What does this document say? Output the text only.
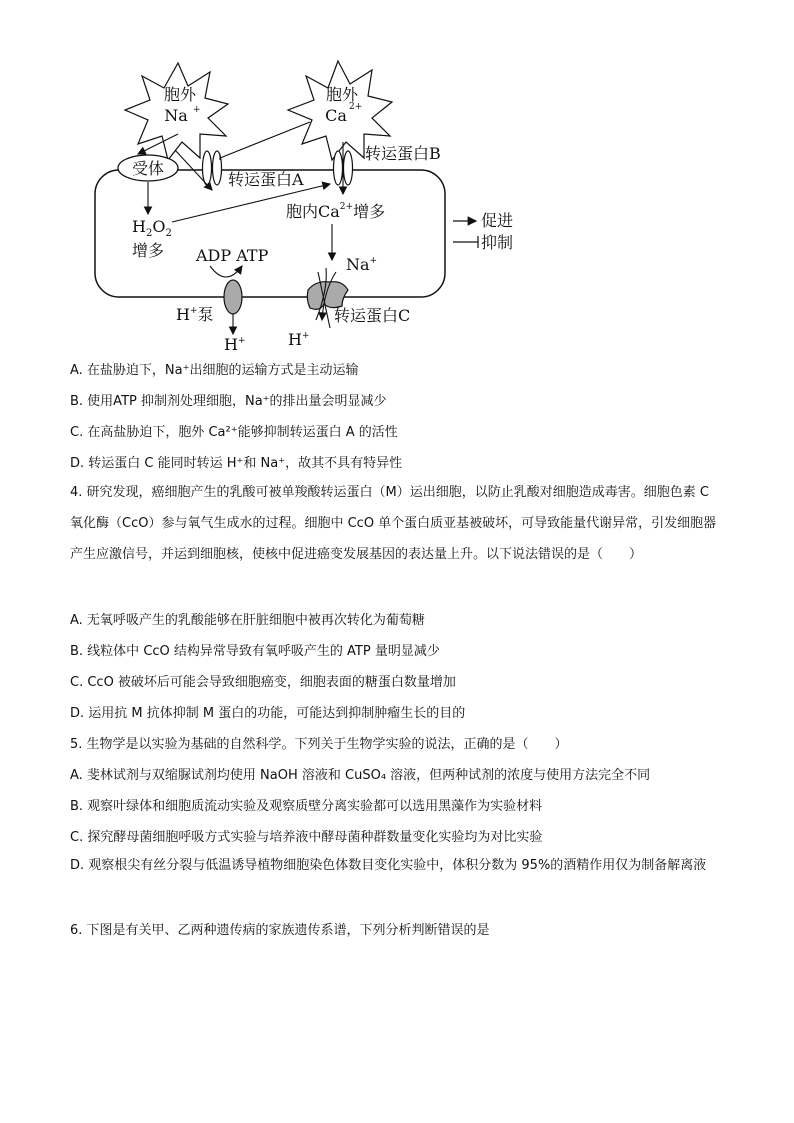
胞外
Na +
胞外
Ca 2+
受体
转运蛋白A
转运蛋白B
$H_2O_2$
增多
胞内$Ca^{2+}$增多
ADP ATP
H+泵
H+
Na+
H+
转运蛋白C
促进
抑制
A. 在盐胁迫下，Na⁺出细胞的运输方式是主动运输
B. 使用ATP 抑制剂处理细胞，Na⁺的排出量会明显减少
C. 在高盐胁迫下，胞外 Ca²⁺能够抑制转运蛋白 A 的活性
D. 转运蛋白 C 能同时转运 H⁺和 Na⁺，故其不具有特异性
4. 研究发现，癌细胞产生的乳酸可被单羧酸转运蛋白（M）运出细胞，以防止乳酸对细胞造成毒害。细胞色素 C 氧化酶（CcO）参与氧气生成水的过程。细胞中 CcO 单个蛋白质亚基被破坏，可导致能量代谢异常，引发细胞器产生应激信号，并运到细胞核，使核中促进癌变发展基因的表达量上升。以下说法错误的是（　　）
A. 无氧呼吸产生的乳酸能够在肝脏细胞中被再次转化为葡萄糖
B. 线粒体中 CcO 结构异常导致有氧呼吸产生的 ATP 量明显减少
C. CcO 被破坏后可能会导致细胞癌变，细胞表面的糖蛋白数量增加
D. 运用抗 M 抗体抑制 M 蛋白的功能，可能达到抑制肿瘤生长的目的
5. 生物学是以实验为基础的自然科学。下列关于生物学实验的说法，正确的是（　　）
A. 斐林试剂与双缩脲试剂均使用 NaOH 溶液和 CuSO₄ 溶液，但两种试剂的浓度与使用方法完全不同
B. 观察叶绿体和细胞质流动实验及观察质壁分离实验都可以选用黑藻作为实验材料
C. 探究酵母菌细胞呼吸方式实验与培养液中酵母菌种群数量变化实验均为对比实验
D. 观察根尖有丝分裂与低温诱导植物细胞染色体数目变化实验中，体积分数为 95%的酒精作用仅为制备解离液
6. 下图是有关甲、乙两种遗传病的家族遗传系谱，下列分析判断错误的是
